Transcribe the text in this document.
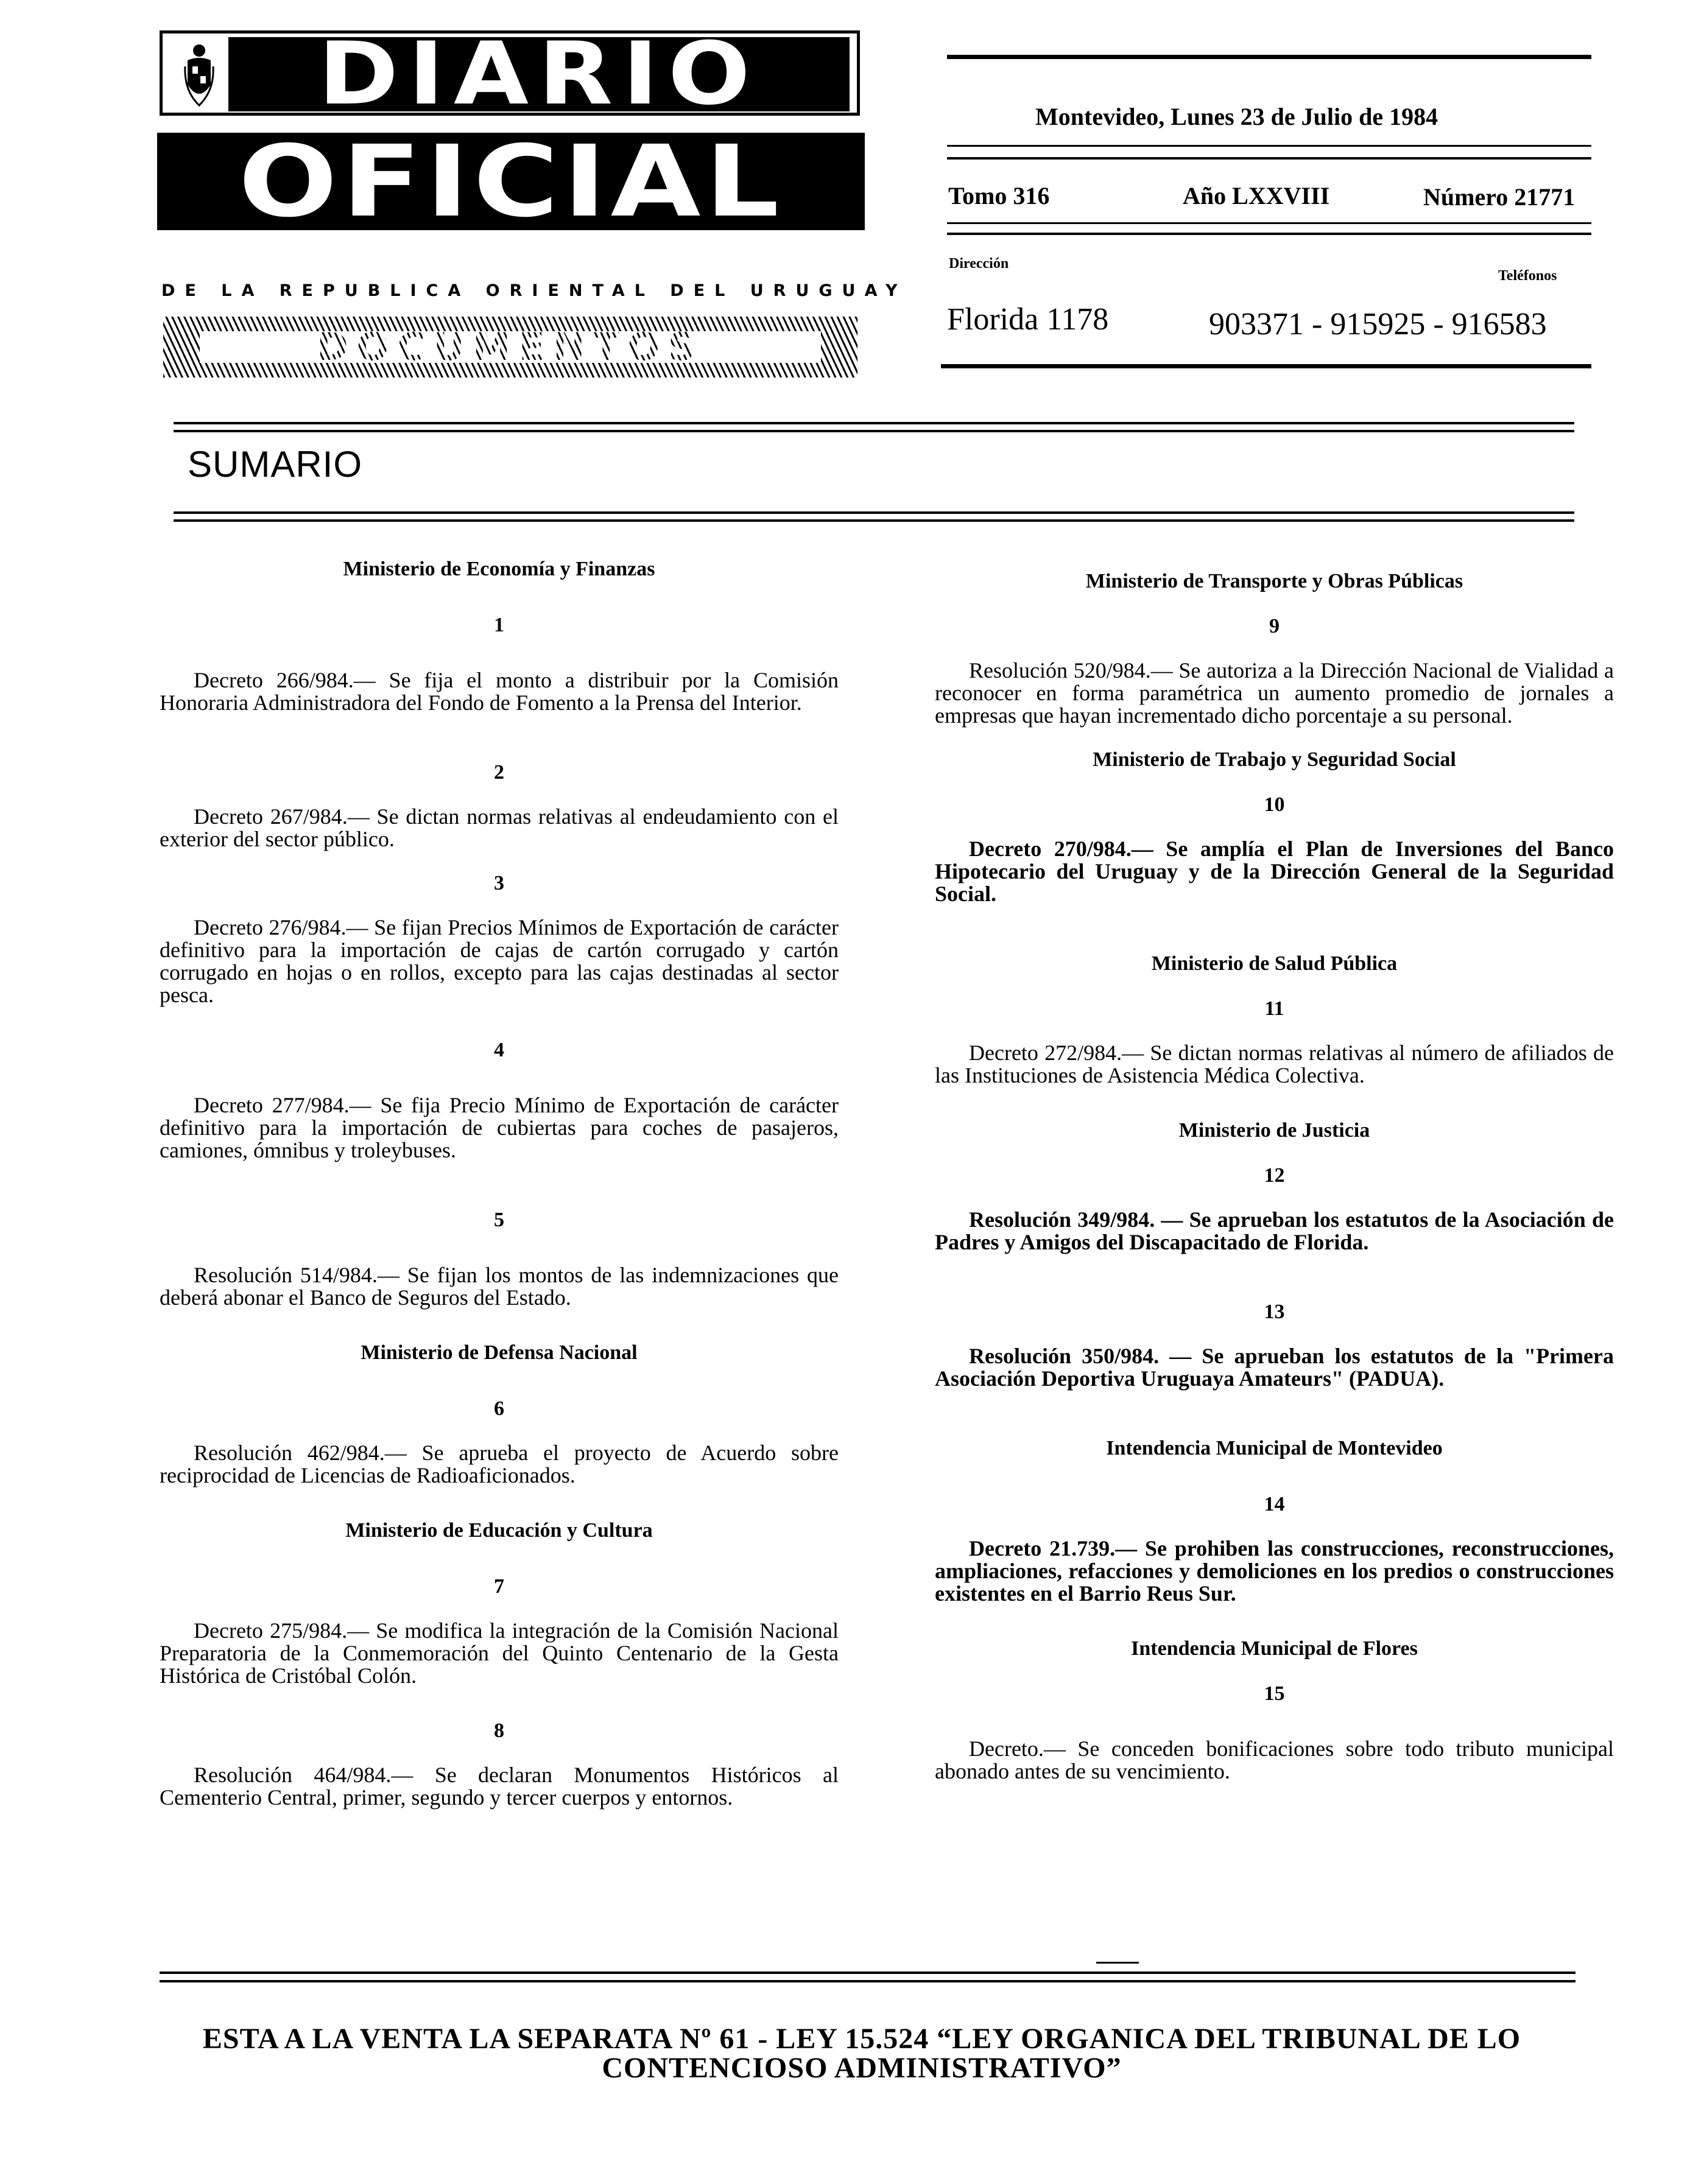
DIARIO
OFICIAL
DE LA REPUBLICA ORIENTAL DEL URUGUAY
DOCUMENTOS
Montevideo, Lunes 23 de Julio de 1984
Tomo 316	Año LXXVIII	Número 21771
Dirección
Teléfonos
Florida 1178	903371 - 915925 - 916583
SUMARIO

Ministerio de Economía y Finanzas

1

Decreto 266/984.— Se fija el monto a distribuir por la Comisión Honoraria Administradora del Fondo de Fomento a la Prensa del Interior.

2

Decreto 267/984.— Se dictan normas relativas al endeudamiento con el exterior del sector público.

3

Decreto 276/984.— Se fijan Precios Mínimos de Exportación de carácter definitivo para la importación de cajas de cartón corrugado y cartón corrugado en hojas o en rollos, excepto para las cajas destinadas al sector pesca.

4

Decreto 277/984.— Se fija Precio Mínimo de Exportación de carácter definitivo para la importación de cubiertas para coches de pasajeros, camiones, ómnibus y troleybuses.

5

Resolución 514/984.— Se fijan los montos de las indemnizaciones que deberá abonar el Banco de Seguros del Estado.

Ministerio de Defensa Nacional

6

Resolución 462/984.— Se aprueba el proyecto de Acuerdo sobre reciprocidad de Licencias de Radioaficionados.

Ministerio de Educación y Cultura

7

Decreto 275/984.— Se modifica la integración de la Comisión Nacional Preparatoria de la Conmemoración del Quinto Centenario de la Gesta Histórica de Cristóbal Colón.

8

Resolución 464/984.— Se declaran Monumentos Históricos al Cementerio Central, primer, segundo y tercer cuerpos y entornos.

Ministerio de Transporte y Obras Públicas

9

Resolución 520/984.— Se autoriza a la Dirección Nacional de Vialidad a reconocer en forma paramétrica un aumento promedio de jornales a empresas que hayan incrementado dicho porcentaje a su personal.

Ministerio de Trabajo y Seguridad Social

10

Decreto 270/984.— Se amplía el Plan de Inversiones del Banco Hipotecario del Uruguay y de la Dirección General de la Seguridad Social.

Ministerio de Salud Pública

11

Decreto 272/984.— Se dictan normas relativas al número de afiliados de las Instituciones de Asistencia Médica Colectiva.

Ministerio de Justicia

12

Resolución 349/984. — Se aprueban los estatutos de la Asociación de Padres y Amigos del Discapacitado de Florida.

13

Resolución 350/984. — Se aprueban los estatutos de la "Primera Asociación Deportiva Uruguaya Amateurs" (PADUA).

Intendencia Municipal de Montevideo

14

Decreto 21.739.— Se prohiben las construcciones, reconstrucciones, ampliaciones, refacciones y demoliciones en los predios o construcciones existentes en el Barrio Reus Sur.

Intendencia Municipal de Flores

15

Decreto.— Se conceden bonificaciones sobre todo tributo municipal abonado antes de su vencimiento.

ESTA A LA VENTA LA SEPARATA Nº 61 - LEY 15.524 “LEY ORGANICA DEL TRIBUNAL DE LO CONTENCIOSO ADMINISTRATIVO”
